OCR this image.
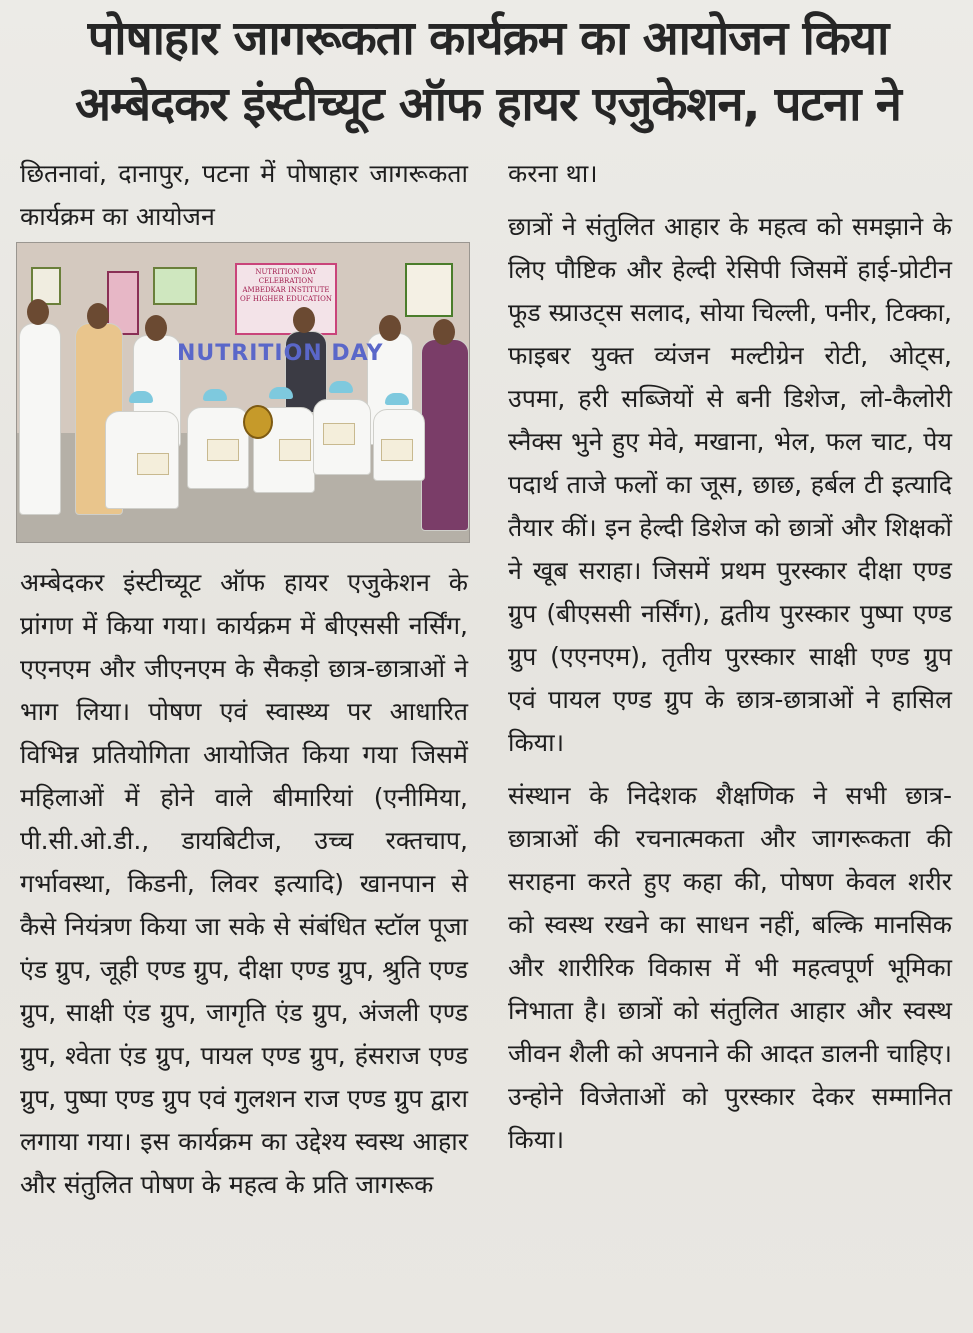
पोषाहार जागरूकता कार्यक्रम का आयोजन किया
अम्बेदकर इंस्टीच्यूट ऑफ हायर एजुकेशन, पटना ने

छितनावां, दानापुर, पटना में पोषाहार जागरूकता कार्यक्रम का आयोजन

NUTRITION DAY CELEBRATION
AMBEDKAR INSTITUTE OF HIGHER EDUCATION
NUTRITION DAY

अम्बेदकर इंस्टीच्यूट ऑफ हायर एजुकेशन के प्रांगण में किया गया। कार्यक्रम में बीएससी नर्सिंग, एएनएम और जीएनएम के सैकड़ो छात्र-छात्राओं ने भाग लिया। पोषण एवं स्वास्थ्य पर आधारित विभिन्न प्रतियोगिता आयोजित किया गया जिसमें महिलाओं में होने वाले बीमारियां (एनीमिया, पी.सी.ओ.डी., डायबिटीज, उच्च रक्तचाप, गर्भावस्था, किडनी, लिवर इत्यादि) खानपान से कैसे नियंत्रण किया जा सके से संबंधित स्टॉल पूजा एंड ग्रुप, जूही एण्ड ग्रुप, दीक्षा एण्ड ग्रुप, श्रुति एण्ड ग्रुप, साक्षी एंड ग्रुप, जागृति एंड ग्रुप, अंजली एण्ड ग्रुप, श्वेता एंड ग्रुप, पायल एण्ड ग्रुप, हंसराज एण्ड ग्रुप, पुष्पा एण्ड ग्रुप एवं गुलशन राज एण्ड ग्रुप द्वारा लगाया गया। इस कार्यक्रम का उद्देश्य स्वस्थ आहार और संतुलित पोषण के महत्व के प्रति जागरूक

करना था।

छात्रों ने संतुलित आहार के महत्व को समझाने के लिए पौष्टिक और हेल्दी रेसिपी जिसमें हाई-प्रोटीन फूड स्प्राउट्स सलाद, सोया चिल्ली, पनीर, टिक्का, फाइबर युक्त व्यंजन मल्टीग्रेन रोटी, ओट्स, उपमा, हरी सब्जियों से बनी डिशेज, लो-कैलोरी स्नैक्स भुने हुए मेवे, मखाना, भेल, फल चाट, पेय पदार्थ ताजे फलों का जूस, छाछ, हर्बल टी इत्यादि तैयार कीं। इन हेल्दी डिशेज को छात्रों और शिक्षकों ने खूब सराहा। जिसमें प्रथम पुरस्कार दीक्षा एण्ड ग्रुप (बीएससी नर्सिंग), द्वतीय पुरस्कार पुष्पा एण्ड ग्रुप (एएनएम), तृतीय पुरस्कार साक्षी एण्ड ग्रुप एवं पायल एण्ड ग्रुप के छात्र-छात्राओं ने हासिल किया।

संस्थान के निदेशक शैक्षणिक ने सभी छात्र-छात्राओं की रचनात्मकता और जागरूकता की सराहना करते हुए कहा की, पोषण केवल शरीर को स्वस्थ रखने का साधन नहीं, बल्कि मानसिक और शारीरिक विकास में भी महत्वपूर्ण भूमिका निभाता है। छात्रों को संतुलित आहार और स्वस्थ जीवन शैली को अपनाने की आदत डालनी चाहिए। उन्होने विजेताओं को पुरस्कार देकर सम्मानित किया।
